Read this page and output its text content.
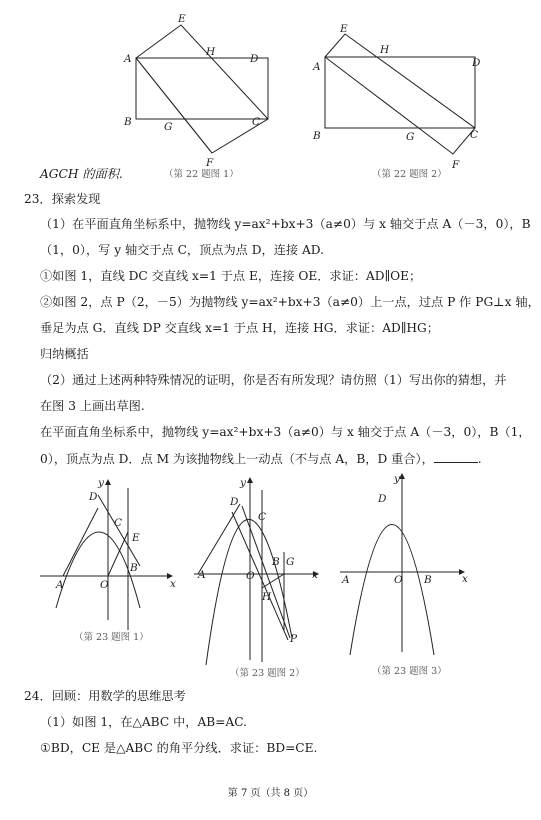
E
A
H
D
B	G	C
F
（第 22 题图 1）
E
A
H
D
B	G	C
F
（第 22 题图 2）
AGCH 的面积.
23．探索发现
（1）在平面直角坐标系中，抛物线 y=ax²+bx+3（a≠0）与 x 轴交于点 A（－3，0），B
（1，0），写 y 轴交于点 C，顶点为点 D，连接 AD.
①如图 1，直线 DC 交直线 x=1 于点 E，连接 OE．求证：AD∥OE；
②如图 2，点 P（2，－5）为抛物线 y=ax²+bx+3（a≠0）上一点，过点 P 作 PG⊥x 轴，
垂足为点 G．直线 DP 交直线 x=1 于点 H，连接 HG．求证：AD∥HG；
归纳概括
（2）通过上述两种特殊情况的证明，你是否有所发现？请仿照（1）写出你的猜想，并
在图 3 上画出草图.
在平面直角坐标系中，抛物线 y=ax²+bx+3（a≠0）与 x 轴交于点 A（－3，0），B（1，
0），顶点为点 D．点 M 为该抛物线上一动点（不与点 A，B，D 重合），	.
y
D
C
E
A	O
B
x
（第 23 题图 1）
y
D
C
A	O
B G
x
H
P
（第 23 题图 2）
y
D
A	O B	x
（第 23 题图 3）
24．回顾：用数学的思维思考
（1）如图 1，在△ABC 中，AB=AC.
①BD，CE 是△ABC 的角平分线．求证：BD=CE.
第 7 页（共 8 页）
